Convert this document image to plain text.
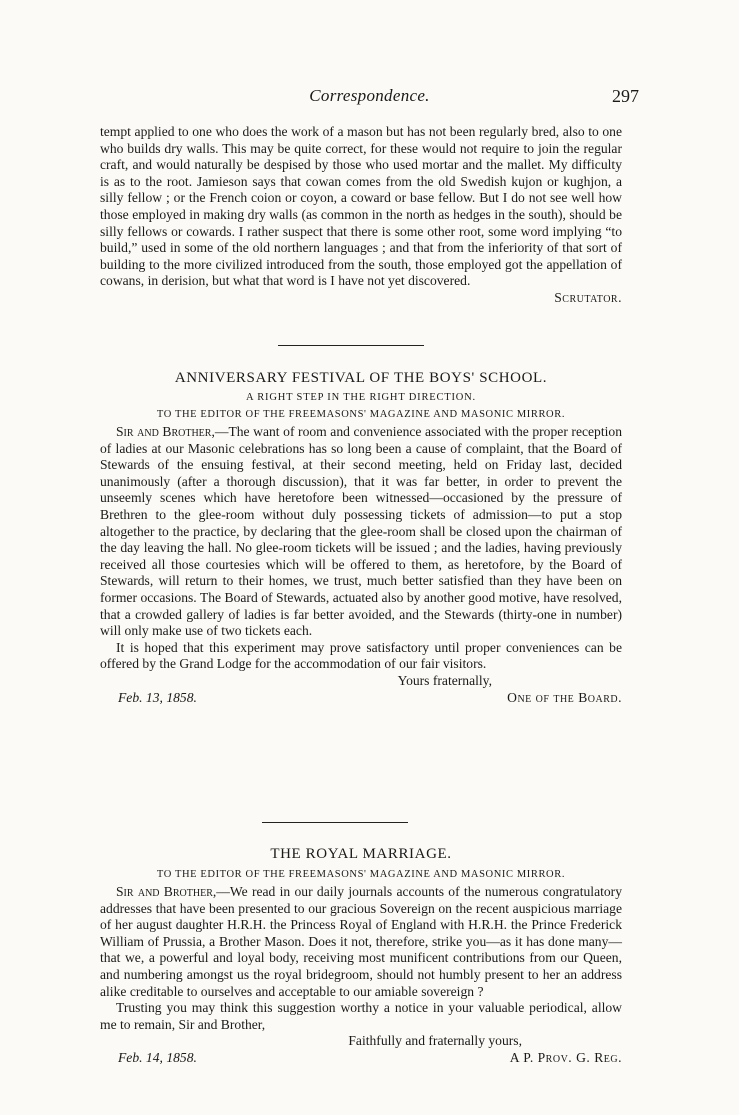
Correspondence.	297

tempt applied to one who does the work of a mason but has not been regularly bred, also to one who builds dry walls. This may be quite correct, for these would not require to join the regular craft, and would naturally be despised by those who used mortar and the mallet. My difficulty is as to the root. Jamieson says that cowan comes from the old Swedish kujon or kughjon, a silly fellow ; or the French coion or coyon, a coward or base fellow. But I do not see well how those employed in making dry walls (as common in the north as hedges in the south), should be silly fellows or cowards. I rather suspect that there is some other root, some word implying “to build,” used in some of the old northern languages ; and that from the inferiority of that sort of building to the more civilized introduced from the south, those employed got the appellation of cowans, in derision, but what that word is I have not yet discovered.

Scrutator.

ANNIVERSARY FESTIVAL OF THE BOYS' SCHOOL.

A RIGHT STEP IN THE RIGHT DIRECTION.

TO THE EDITOR OF THE FREEMASONS' MAGAZINE AND MASONIC MIRROR.

Sir and Brother,—The want of room and convenience associated with the proper reception of ladies at our Masonic celebrations has so long been a cause of complaint, that the Board of Stewards of the ensuing festival, at their second meeting, held on Friday last, decided unanimously (after a thorough discussion), that it was far better, in order to prevent the unseemly scenes which have heretofore been witnessed—occasioned by the pressure of Brethren to the glee-room without duly possessing tickets of admission—to put a stop altogether to the practice, by declaring that the glee-room shall be closed upon the chairman of the day leaving the hall. No glee-room tickets will be issued ; and the ladies, having previously received all those courtesies which will be offered to them, as heretofore, by the Board of Stewards, will return to their homes, we trust, much better satisfied than they have been on former occasions. The Board of Stewards, actuated also by another good motive, have resolved, that a crowded gallery of ladies is far better avoided, and the Stewards (thirty-one in number) will only make use of two tickets each.

It is hoped that this experiment may prove satisfactory until proper conveniences can be offered by the Grand Lodge for the accommodation of our fair visitors.

Yours fraternally,

Feb. 13, 1858.	One of the Board.

THE ROYAL MARRIAGE.

TO THE EDITOR OF THE FREEMASONS' MAGAZINE AND MASONIC MIRROR.

Sir and Brother,—We read in our daily journals accounts of the numerous congratulatory addresses that have been presented to our gracious Sovereign on the recent auspicious marriage of her august daughter H.R.H. the Princess Royal of England with H.R.H. the Prince Frederick William of Prussia, a Brother Mason. Does it not, therefore, strike you—as it has done many—that we, a powerful and loyal body, receiving most munificent contributions from our Queen, and numbering amongst us the royal bridegroom, should not humbly present to her an address alike creditable to ourselves and acceptable to our amiable sovereign ?

Trusting you may think this suggestion worthy a notice in your valuable periodical, allow me to remain, Sir and Brother,

Faithfully and fraternally yours,

Feb. 14, 1858.	A P. Prov. G. Reg.
